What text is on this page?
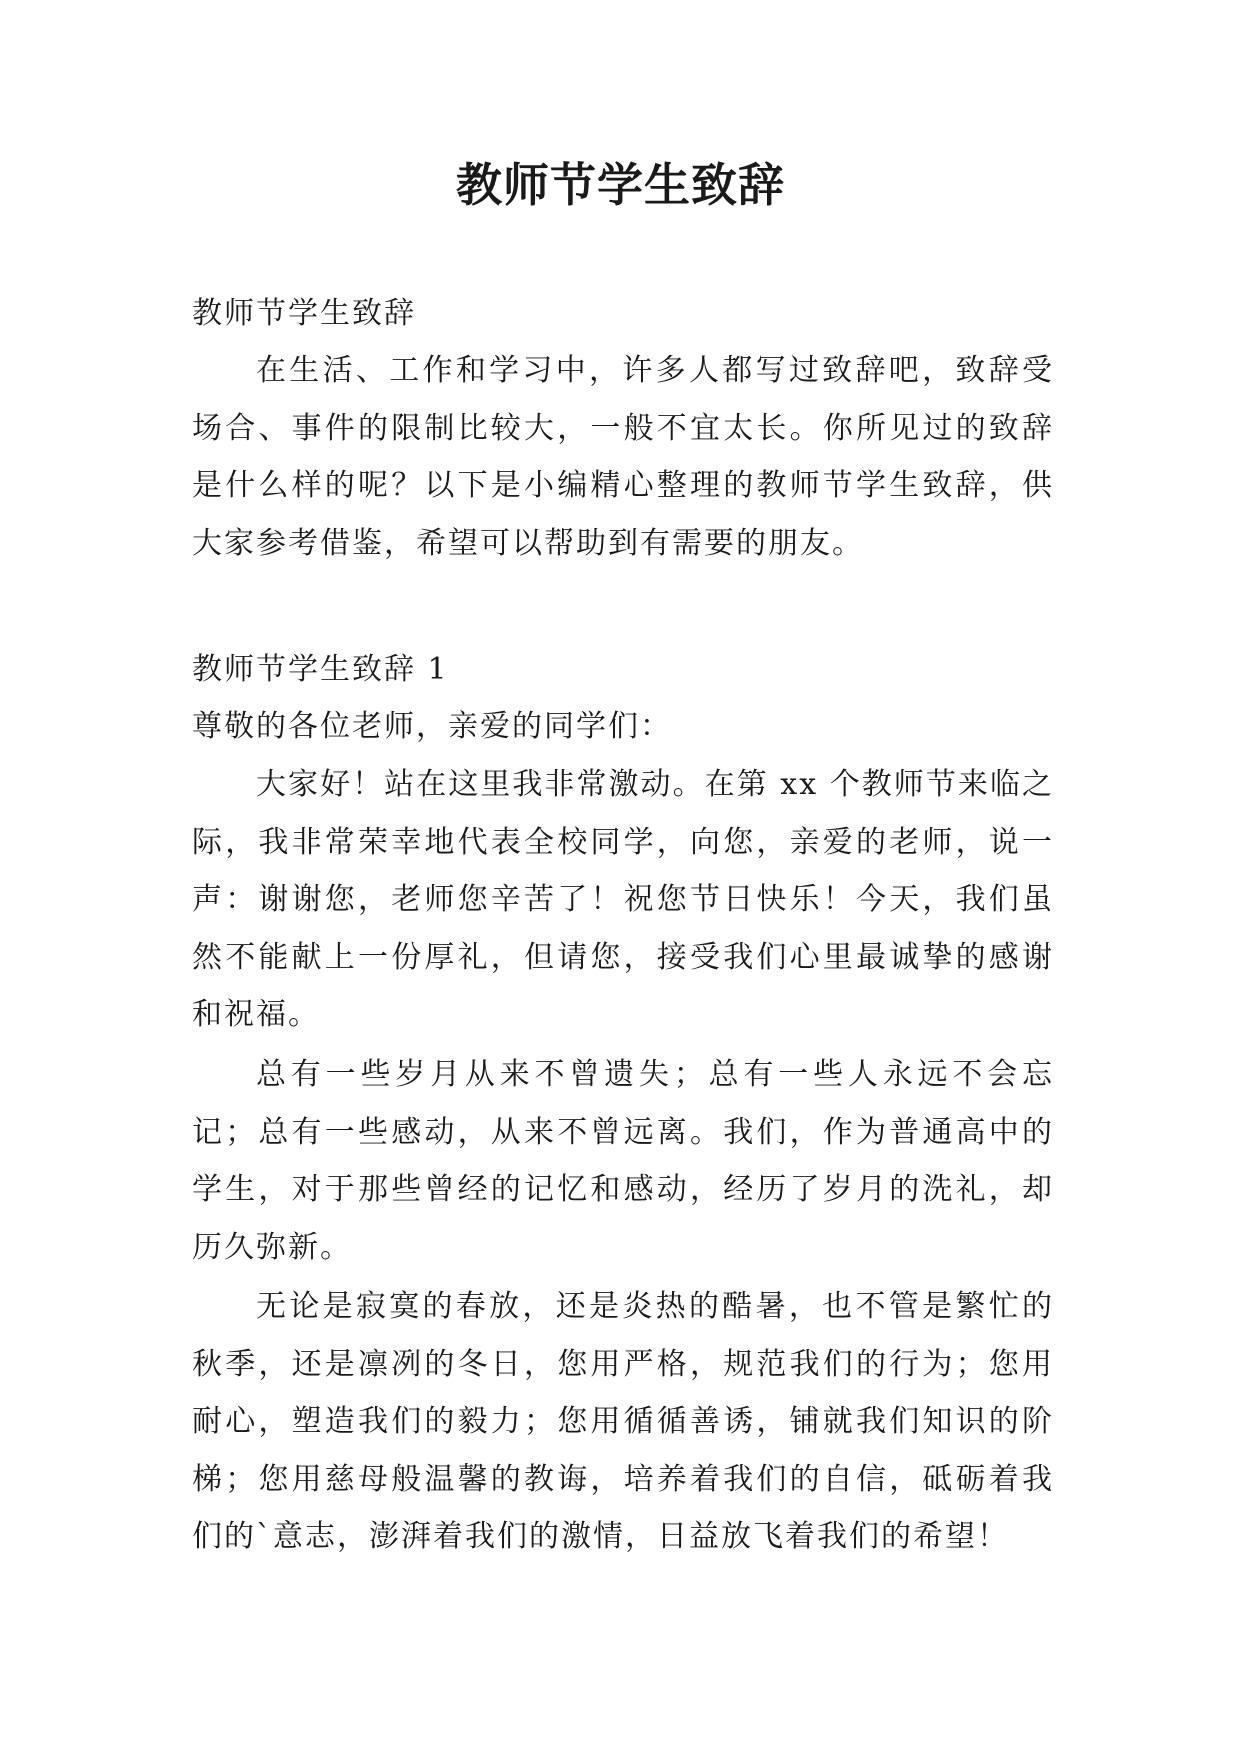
教师节学生致辞

教师节学生致辞

在生活、工作和学习中，许多人都写过致辞吧，致辞受场合、事件的限制比较大，一般不宜太长。你所见过的致辞是什么样的呢？以下是小编精心整理的教师节学生致辞，供大家参考借鉴，希望可以帮助到有需要的朋友。

教师节学生致辞 1

尊敬的各位老师，亲爱的同学们：

大家好！站在这里我非常激动。在第 xx 个教师节来临之际，我非常荣幸地代表全校同学，向您，亲爱的老师，说一声：谢谢您，老师您辛苦了！祝您节日快乐！今天，我们虽然不能献上一份厚礼，但请您，接受我们心里最诚挚的感谢和祝福。

总有一些岁月从来不曾遗失；总有一些人永远不会忘记；总有一些感动，从来不曾远离。我们，作为普通高中的学生，对于那些曾经的记忆和感动，经历了岁月的洗礼，却历久弥新。

无论是寂寞的春放，还是炎热的酷暑，也不管是繁忙的秋季，还是凛冽的冬日，您用严格，规范我们的行为；您用耐心，塑造我们的毅力；您用循循善诱，铺就我们知识的阶梯；您用慈母般温馨的教诲，培养着我们的自信，砥砺着我们的`意志，澎湃着我们的激情，日益放飞着我们的希望！
